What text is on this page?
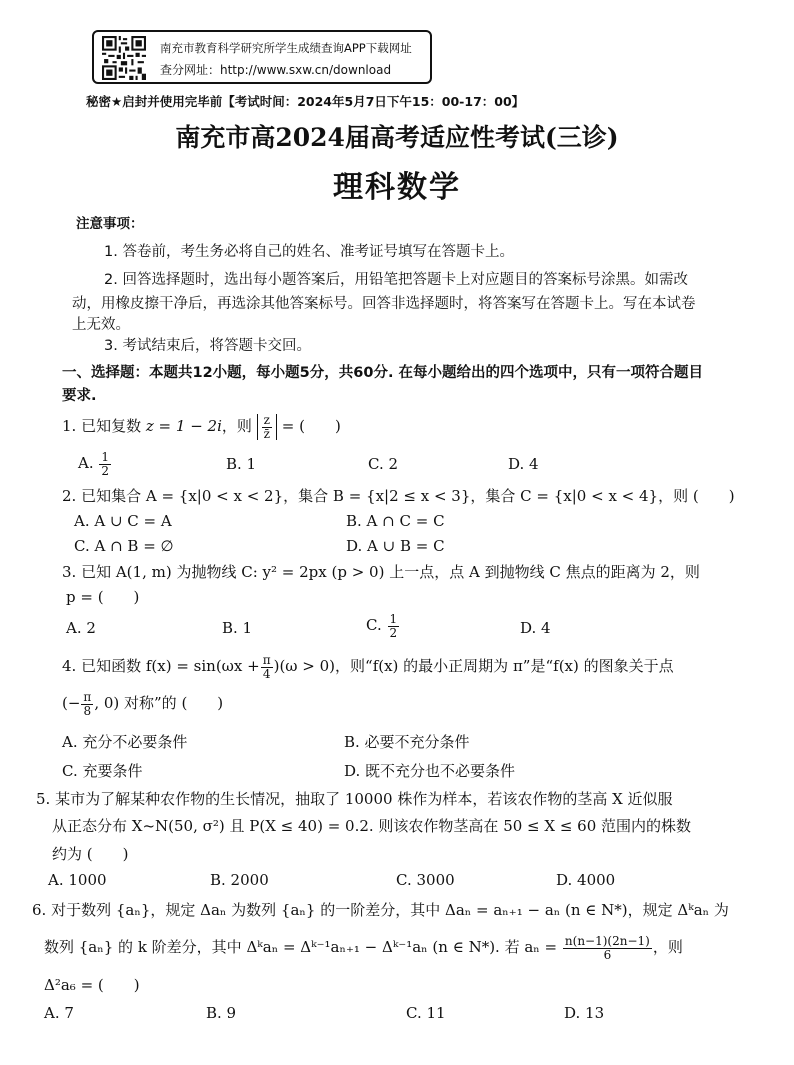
南充市教育科学研究所学生成绩查询APP下载网址
查分网址：http://www.sxw.cn/download
秘密★启封并使用完毕前【考试时间：2024年5月7日下午15：00-17：00】
南充市高2024届高考适应性考试(三诊)
理科数学
注意事项：
1. 答卷前，考生务必将自己的姓名、准考证号填写在答题卡上。
2. 回答选择题时，选出每小题答案后，用铅笔把答题卡上对应题目的答案标号涂黑。如需改
动，用橡皮擦干净后，再选涂其他答案标号。回答非选择题时，将答案写在答题卡上。写在本试卷
上无效。
3. 考试结束后，将答题卡交回。
一、选择题：本题共12小题，每小题5分，共60分. 在每小题给出的四个选项中，只有一项符合题目
要求.
1. 已知复数 z = 1 − 2i，则 $\frac{z}{z̄}$ = (　　)
A. $\frac{1}{2}$	B. 1	C. 2	D. 4
2. 已知集合 A = {x|0 < x < 2}，集合 B = {x|2 ≤ x < 3}，集合 C = {x|0 < x < 4}，则 (　　)
A. A ∪ C = A	B. A ∩ C = C
C. A ∩ B = ∅	D. A ∪ B = C
3. 已知 A(1, m) 为抛物线 C: y² = 2px (p > 0) 上一点，点 A 到抛物线 C 焦点的距离为 2，则
p = (　　)
A. 2	B. 1	C. $\frac{1}{2}$	D. 4
4. 已知函数 $f(x) = \sin(\omega x + \frac{\pi}{4} )(\omega > 0)$，则“f(x) 的最小正周期为 π”是“f(x) 的图象关于点
(− $\frac{\pi}{8}$ , 0) 对称”的 (　　)
A. 充分不必要条件	B. 必要不充分条件
C. 充要条件	D. 既不充分也不必要条件
5. 某市为了解某种农作物的生长情况，抽取了 10000 株作为样本，若该农作物的茎高 X 近似服
从正态分布 X~N(50, σ²) 且 P(X ≤ 40) = 0.2. 则该农作物茎高在 50 ≤ X ≤ 60 范围内的株数
约为 (　　)
A. 1000	B. 2000	C. 3000	D. 4000
6. 对于数列 {aₙ}，规定 Δaₙ 为数列 {aₙ} 的一阶差分，其中 Δaₙ = aₙ₊₁ − aₙ (n ∈ N*)，规定 Δᵏaₙ 为
数列 {aₙ} 的 k 阶差分，其中 Δᵏaₙ = Δᵏ⁻¹aₙ₊₁ − Δᵏ⁻¹aₙ (n ∈ N*). 若 $a_n = \frac{n(n-1)(2n-1)}{6}$ ，则
Δ²a₆ = (　　)
A. 7	B. 9	C. 11	D. 13
